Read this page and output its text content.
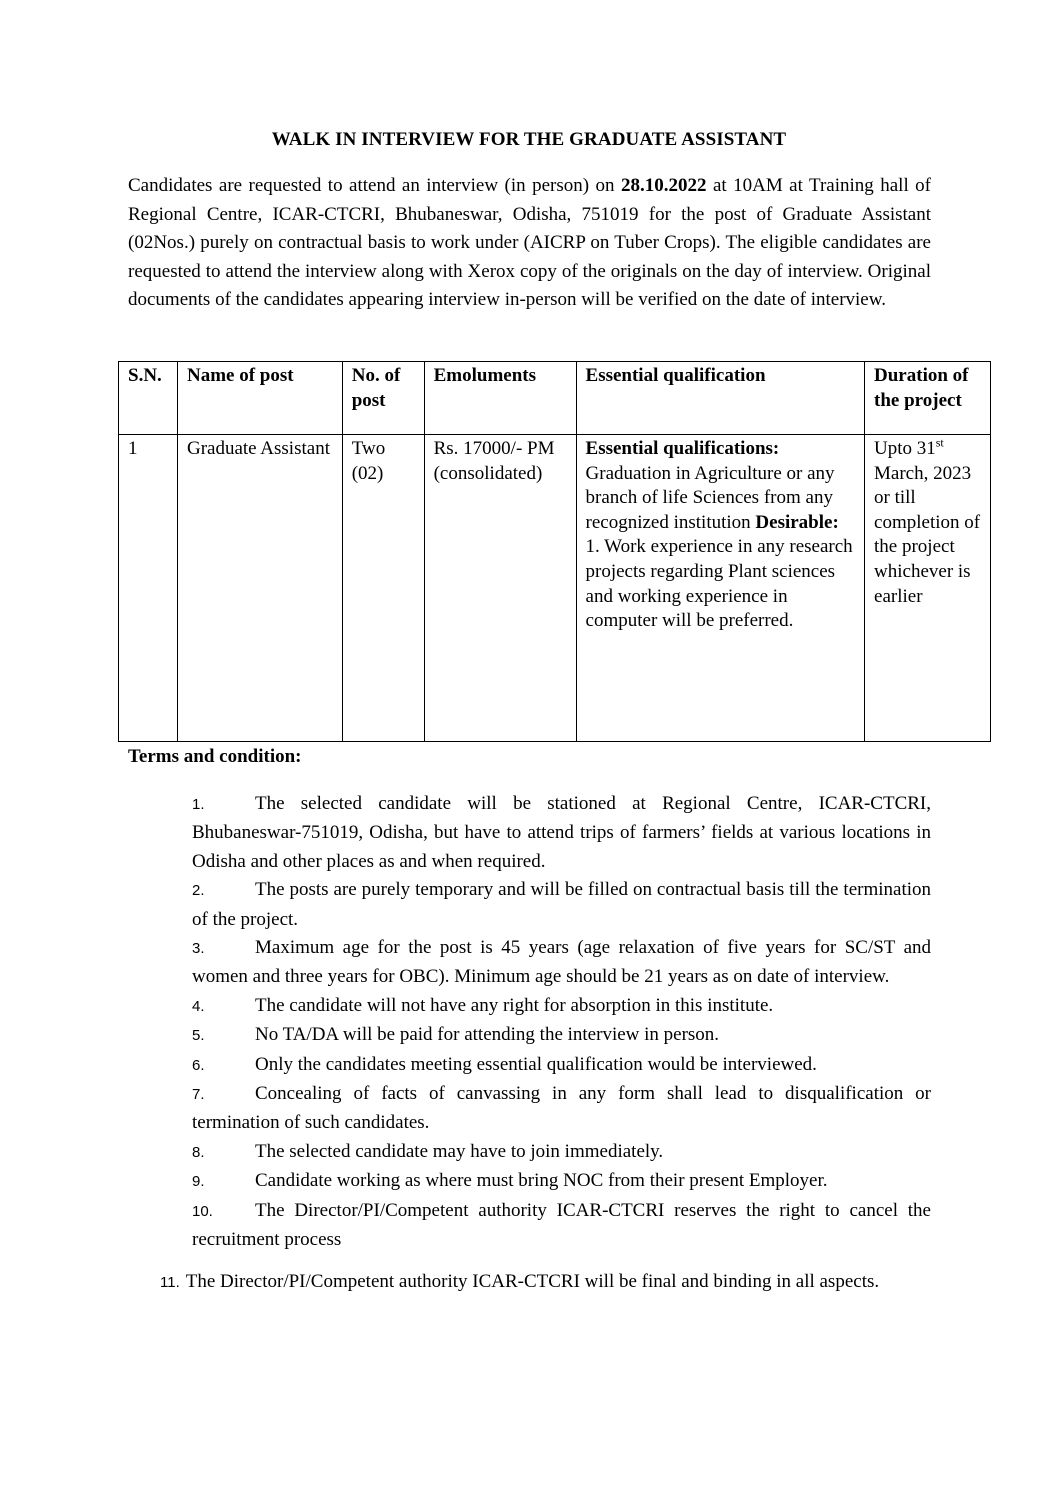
WALK IN INTERVIEW FOR THE GRADUATE ASSISTANT
Candidates are requested to attend an interview (in person) on 28.10.2022 at 10AM at Training hall of Regional Centre, ICAR-CTCRI, Bhubaneswar, Odisha, 751019 for the post of Graduate Assistant (02Nos.) purely on contractual basis to work under (AICRP on Tuber Crops). The eligible candidates are requested to attend the interview along with Xerox copy of the originals on the day of interview. Original documents of the candidates appearing interview in-person will be verified on the date of interview.
S.N.	Name of post	No. of post	Emoluments	Essential qualification	Duration of the project
1	Graduate Assistant	Two (02)	Rs. 17000/- PM (consolidated)	Essential qualifications: Graduation in Agriculture or any branch of life Sciences from any recognized institution Desirable: 1. Work experience in any research projects regarding Plant sciences and working experience in computer will be preferred.	Upto 31st March, 2023 or till completion of the project whichever is earlier
Terms and condition:
1.	The selected candidate will be stationed at Regional Centre, ICAR-CTCRI, Bhubaneswar-751019, Odisha, but have to attend trips of farmers’ fields at various locations in Odisha and other places as and when required.
2.	The posts are purely temporary and will be filled on contractual basis till the termination of the project.
3.	Maximum age for the post is 45 years (age relaxation of five years for SC/ST and women and three years for OBC). Minimum age should be 21 years as on date of interview.
4.	The candidate will not have any right for absorption in this institute.
5.	No TA/DA will be paid for attending the interview in person.
6.	Only the candidates meeting essential qualification would be interviewed.
7.	Concealing of facts of canvassing in any form shall lead to disqualification or termination of such candidates.
8.	The selected candidate may have to join immediately.
9.	Candidate working as where must bring NOC from their present Employer.
10. The Director/PI/Competent authority ICAR-CTCRI reserves the right to cancel the recruitment process
11. The Director/PI/Competent authority ICAR-CTCRI will be final and binding in all aspects.
